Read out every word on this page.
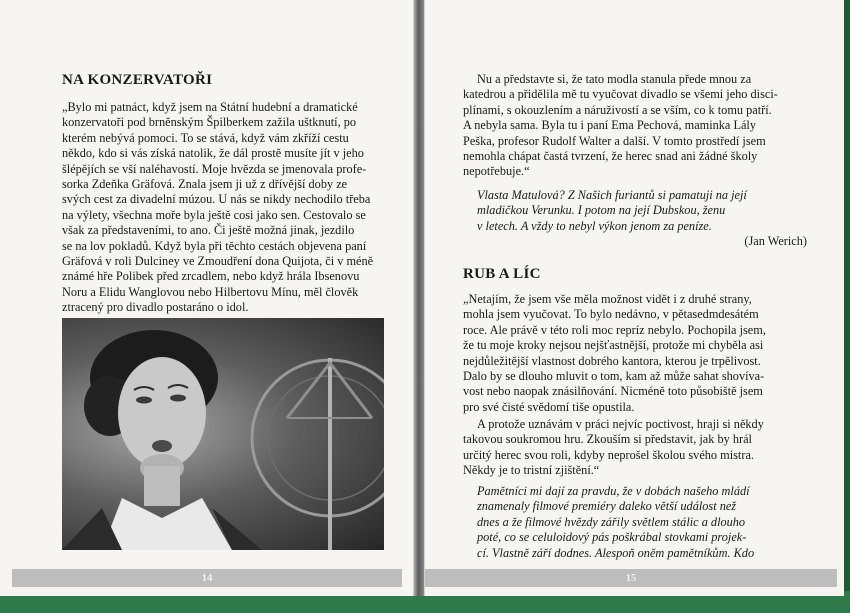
NA KONZERVATOŘI

„Bylo mi patnáct, když jsem na Státní hudební a dramatické

konzervatoři pod brněnským Špilberkem zažila uštknutí, po

kterém nebývá pomoci. To se stává, když vám zkříží cestu

někdo, kdo si vás získá natolik, že dál prostě musíte jít v jeho

šlépějích se vší naléhavostí. Moje hvězda se jmenovala profe-

sorka Zdeňka Gräfová. Znala jsem ji už z dřívější doby ze

svých cest za divadelní múzou. U nás se nikdy nechodilo třeba

na výlety, všechna moře byla ještě cosi jako sen. Cestovalo se

však za představeními, to ano. Či ještě možná jinak, jezdilo

se na lov pokladů. Když byla při těchto cestách objevena paní

Gräfová v roli Dulciney ve Zmoudření dona Quijota, či v méně

známé hře Polibek před zrcadlem, nebo když hrála Ibsenovu

Noru a Elidu Wanglovou nebo Hilbertovu Mínu, měl člověk

ztracený pro divadlo postaráno o idol.

14

Nu a představte si, že tato modla stanula přede mnou za

katedrou a přidělila mě tu vyučovat divadlo se všemi jeho disci-

plínami, s okouzlením a náruživostí a se vším, co k tomu patří.

A nebyla sama. Byla tu i paní Ema Pechová, maminka Lály

Peška, profesor Rudolf Walter a další. V tomto prostředí jsem

nemohla chápat častá tvrzení, že herec snad ani žádné školy

nepotřebuje.“

Vlasta Matulová? Z Našich furiantů si pamatuji na její

mladičkou Verunku. I potom na její Dubskou, ženu

v letech. A vždy to nebyl výkon jenom za peníze.

(Jan Werich)

RUB A LÍC

„Netajím, že jsem vše měla možnost vidět i z druhé strany,

mohla jsem vyučovat. To bylo nedávno, v pětasedmdesátém

roce. Ale právě v této roli moc repríz nebylo. Pochopila jsem,

že tu moje kroky nejsou nejšťastnější, protože mi chyběla asi

nejdůležitější vlastnost dobrého kantora, kterou je trpělivost.

Dalo by se dlouho mluvit o tom, kam až může sahat shovíva-

vost nebo naopak znásilňování. Nicméně toto působiště jsem

pro své čisté svědomí tiše opustila.

A protože uznávám v práci nejvíc poctivost, hraji si někdy

takovou soukromou hru. Zkouším si představit, jak by hrál

určitý herec svou roli, kdyby neprošel školou svého mistra.

Někdy je to tristní zjištění.“

Pamětníci mi dají za pravdu, že v dobách našeho mládí

znamenaly filmové premiéry daleko větší událost než

dnes a že filmové hvězdy zářily světlem stálic a dlouho

poté, co se celuloidový pás poškrábal stovkami projek-

cí. Vlastně září dodnes. Alespoň oněm pamětníkům. Kdo

15
